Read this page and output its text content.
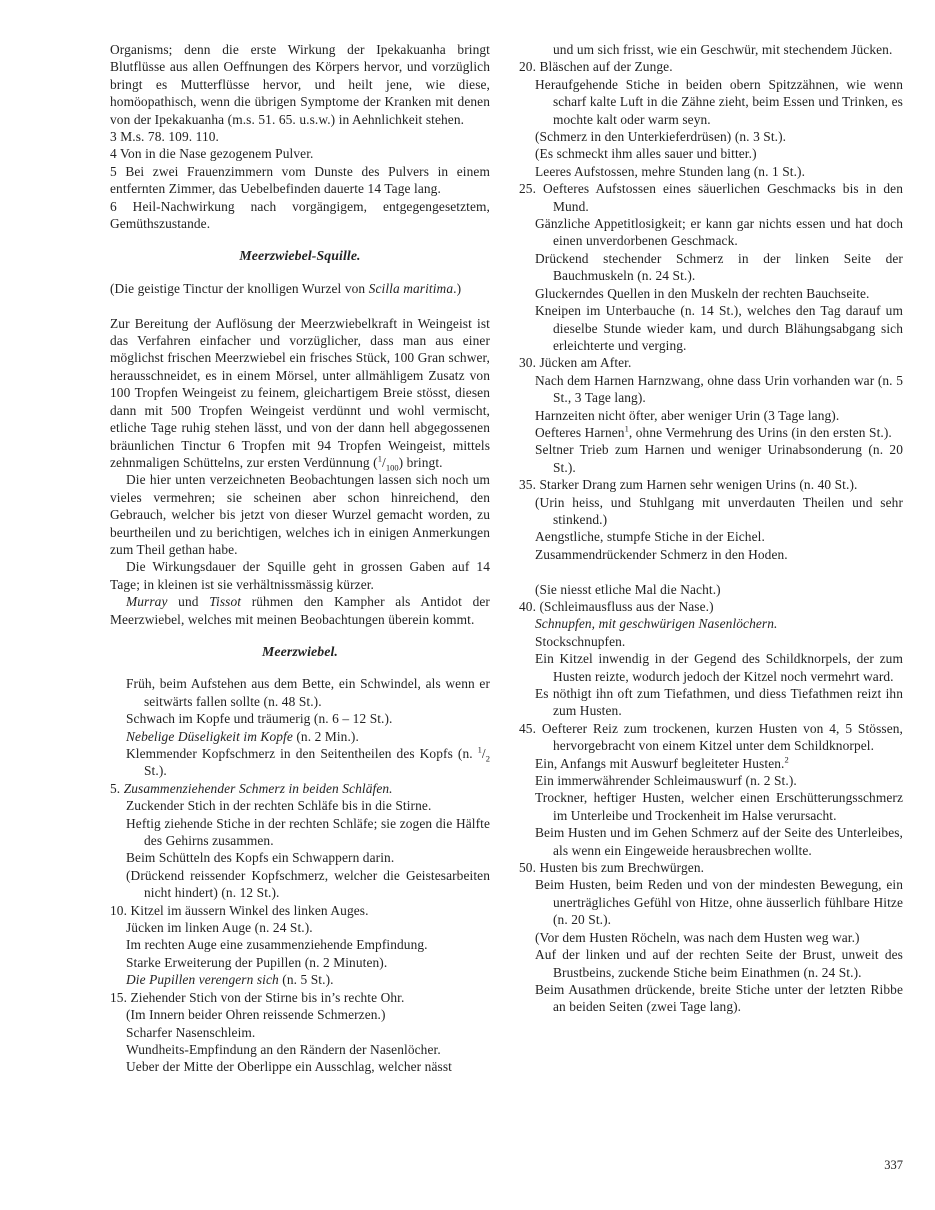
Organisms; denn die erste Wirkung der Ipekakuanha bringt Blutflüsse aus allen Oeffnungen des Körpers hervor, und vorzüglich bringt es Mutterflüsse hervor, und heilt jene, wie diese, homöopathisch, wenn die übrigen Symptome der Kranken mit denen von der Ipekakuanha (m.s. 51. 65. u.s.w.) in Aehnlichkeit stehen.
3 M.s. 78. 109. 110.
4 Von in die Nase gezogenem Pulver.
5 Bei zwei Frauenzimmern vom Dunste des Pulvers in einem entfernten Zimmer, das Uebelbefinden dauerte 14 Tage lang.
6 Heil-Nachwirkung nach vorgängigem, entgegengesetztem, Gemüthszustande.
Meerzwiebel-Squille.
(Die geistige Tinctur der knolligen Wurzel von Scilla maritima.)
Zur Bereitung der Auflösung der Meerzwiebelkraft in Weingeist ist das Verfahren einfacher und vorzüglicher, dass man aus einer möglichst frischen Meerzwiebel ein frisches Stück, 100 Gran schwer, herausschneidet, es in einem Mörsel, unter allmähligem Zusatz von 100 Tropfen Weingeist zu feinem, gleichartigem Breie stösst, diesen dann mit 500 Tropfen Weingeist verdünnt und wohl vermischt, etliche Tage ruhig stehen lässt, und von der dann hell abgegossenen bräunlichen Tinctur 6 Tropfen mit 94 Tropfen Weingeist, mittels zehnmaligen Schüttelns, zur ersten Verdünnung $(^1/_{100})$ bringt.
Die hier unten verzeichneten Beobachtungen lassen sich noch um vieles vermehren; sie scheinen aber schon hinreichend, den Gebrauch, welcher bis jetzt von dieser Wurzel gemacht worden, zu beurtheilen und zu berichtigen, welches ich in einigen Anmerkungen zum Theil gethan habe.
Die Wirkungsdauer der Squille geht in grossen Gaben auf 14 Tage; in kleinen ist sie verhältnissmässig kürzer.
Murray und Tissot rühmen den Kampher als Antidot der Meerzwiebel, welches mit meinen Beobachtungen überein kommt.
Meerzwiebel.
Früh, beim Aufstehen aus dem Bette, ein Schwindel, als wenn er seitwärts fallen sollte (n. 48 St.).
Schwach im Kopfe und träumerig (n. 6 – 12 St.).
Nebelige Düseligkeit im Kopfe (n. 2 Min.).
Klemmender Kopfschmerz in den Seitentheilen des Kopfs (n. $^1/_2$ St.).
5. Zusammenziehender Schmerz in beiden Schläfen.
Zuckender Stich in der rechten Schläfe bis in die Stirne.
Heftig ziehende Stiche in der rechten Schläfe; sie zogen die Hälfte des Gehirns zusammen.
Beim Schütteln des Kopfs ein Schwappern darin.
(Drückend reissender Kopfschmerz, welcher die Geistesarbeiten nicht hindert) (n. 12 St.).
10. Kitzel im äussern Winkel des linken Auges.
Jücken im linken Auge (n. 24 St.).
Im rechten Auge eine zusammenziehende Empfindung.
Starke Erweiterung der Pupillen (n. 2 Minuten).
Die Pupillen verengern sich (n. 5 St.).
15. Ziehender Stich von der Stirne bis in’s rechte Ohr.
(Im Innern beider Ohren reissende Schmerzen.)
Scharfer Nasenschleim.
Wundheits-Empfindung an den Rändern der Nasenlöcher.
Ueber der Mitte der Oberlippe ein Ausschlag, welcher nässt
und um sich frisst, wie ein Geschwür, mit stechendem Jücken.
20. Bläschen auf der Zunge.
Heraufgehende Stiche in beiden obern Spitzzähnen, wie wenn scharf kalte Luft in die Zähne zieht, beim Essen und Trinken, es mochte kalt oder warm seyn.
(Schmerz in den Unterkieferdrüsen) (n. 3 St.).
(Es schmeckt ihm alles sauer und bitter.)
Leeres Aufstossen, mehre Stunden lang (n. 1 St.).
25. Oefteres Aufstossen eines säuerlichen Geschmacks bis in den Mund.
Gänzliche Appetitlosigkeit; er kann gar nichts essen und hat doch einen unverdorbenen Geschmack.
Drückend stechender Schmerz in der linken Seite der Bauchmuskeln (n. 24 St.).
Gluckerndes Quellen in den Muskeln der rechten Bauchseite.
Kneipen im Unterbauche (n. 14 St.), welches den Tag darauf um dieselbe Stunde wieder kam, und durch Blähungsabgang sich erleichterte und verging.
30. Jücken am After.
Nach dem Harnen Harnzwang, ohne dass Urin vorhanden war (n. 5 St., 3 Tage lang).
Harnzeiten nicht öfter, aber weniger Urin (3 Tage lang).
Oefteres Harnen$^1$, ohne Vermehrung des Urins (in den ersten St.).
Seltner Trieb zum Harnen und weniger Urinabsonderung (n. 20 St.).
35. Starker Drang zum Harnen sehr wenigen Urins (n. 40 St.).
(Urin heiss, und Stuhlgang mit unverdauten Theilen und sehr stinkend.)
Aengstliche, stumpfe Stiche in der Eichel.
Zusammendrückender Schmerz in den Hoden.
(Sie niesst etliche Mal die Nacht.)
40. (Schleimausfluss aus der Nase.)
Schnupfen, mit geschwürigen Nasenlöchern.
Stockschnupfen.
Ein Kitzel inwendig in der Gegend des Schildknorpels, der zum Husten reizte, wodurch jedoch der Kitzel noch vermehrt ward.
Es nöthigt ihn oft zum Tiefathmen, und diess Tiefathmen reizt ihn zum Husten.
45. Oefterer Reiz zum trockenen, kurzen Husten von 4, 5 Stössen, hervorgebracht von einem Kitzel unter dem Schildknorpel.
Ein, Anfangs mit Auswurf begleiteter Husten.$^2$
Ein immerwährender Schleimauswurf (n. 2 St.).
Trockner, heftiger Husten, welcher einen Erschütterungsschmerz im Unterleibe und Trockenheit im Halse verursacht.
Beim Husten und im Gehen Schmerz auf der Seite des Unterleibes, als wenn ein Eingeweide herausbrechen wollte.
50. Husten bis zum Brechwürgen.
Beim Husten, beim Reden und von der mindesten Bewegung, ein unerträgliches Gefühl von Hitze, ohne äusserlich fühlbare Hitze (n. 20 St.).
(Vor dem Husten Röcheln, was nach dem Husten weg war.)
Auf der linken und auf der rechten Seite der Brust, unweit des Brustbeins, zuckende Stiche beim Einathmen (n. 24 St.).
Beim Ausathmen drückende, breite Stiche unter der letzten Ribbe an beiden Seiten (zwei Tage lang).
337
